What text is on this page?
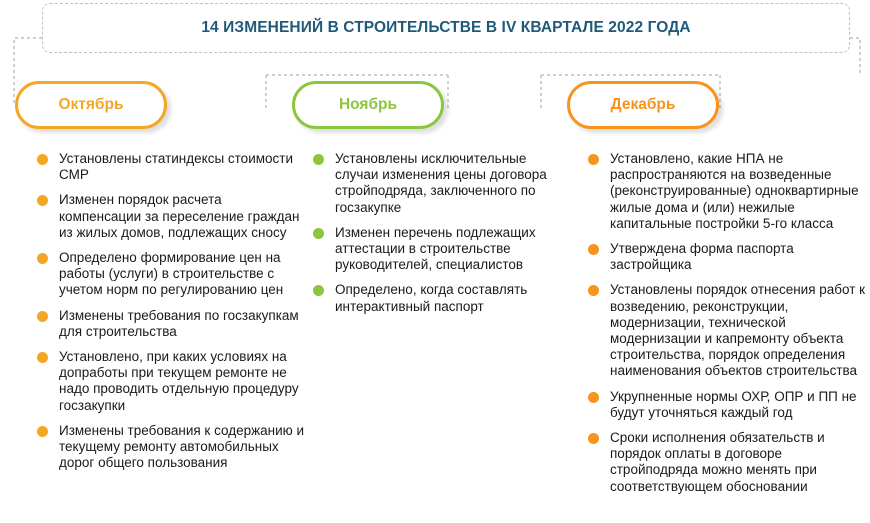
14 ИЗМЕНЕНИЙ В СТРОИТЕЛЬСТВЕ В IV КВАРТАЛЕ 2022 ГОДА
Октябрь	Ноябрь	Декабрь
Установлены статиндексы стоимости СМР
Изменен порядок расчета компенсации за переселение граждан из жилых домов, подлежащих сносу
Определено формирование цен на работы (услуги) в строительстве с учетом норм по регулированию цен
Изменены требования по госзакупкам для строительства
Установлено, при каких условиях на допработы при текущем ремонте не надо проводить отдельную процедуру госзакупки
Изменены требования к содержанию и текущему ремонту автомобильных дорог общего пользования
Установлены исключительные случаи изменения цены договора стройподряда, заключенного по госзакупке
Изменен перечень подлежащих аттестации в строительстве руководителей, специалистов
Определено, когда составлять интерактивный паспорт
Установлено, какие НПА не распространяются на возведенные (реконструированные) одноквартирные жилые дома и (или) нежилые капитальные постройки 5-го класса
Утверждена форма паспорта застройщика
Установлены порядок отнесения работ к возведению, реконструкции, модернизации, технической модернизации и капремонту объекта строительства, порядок определения наименования объектов строительства
Укрупненные нормы ОХР, ОПР и ПП не будут уточняться каждый год
Сроки исполнения обязательств и порядок оплаты в договоре стройподряда можно менять при соответствующем обосновании
